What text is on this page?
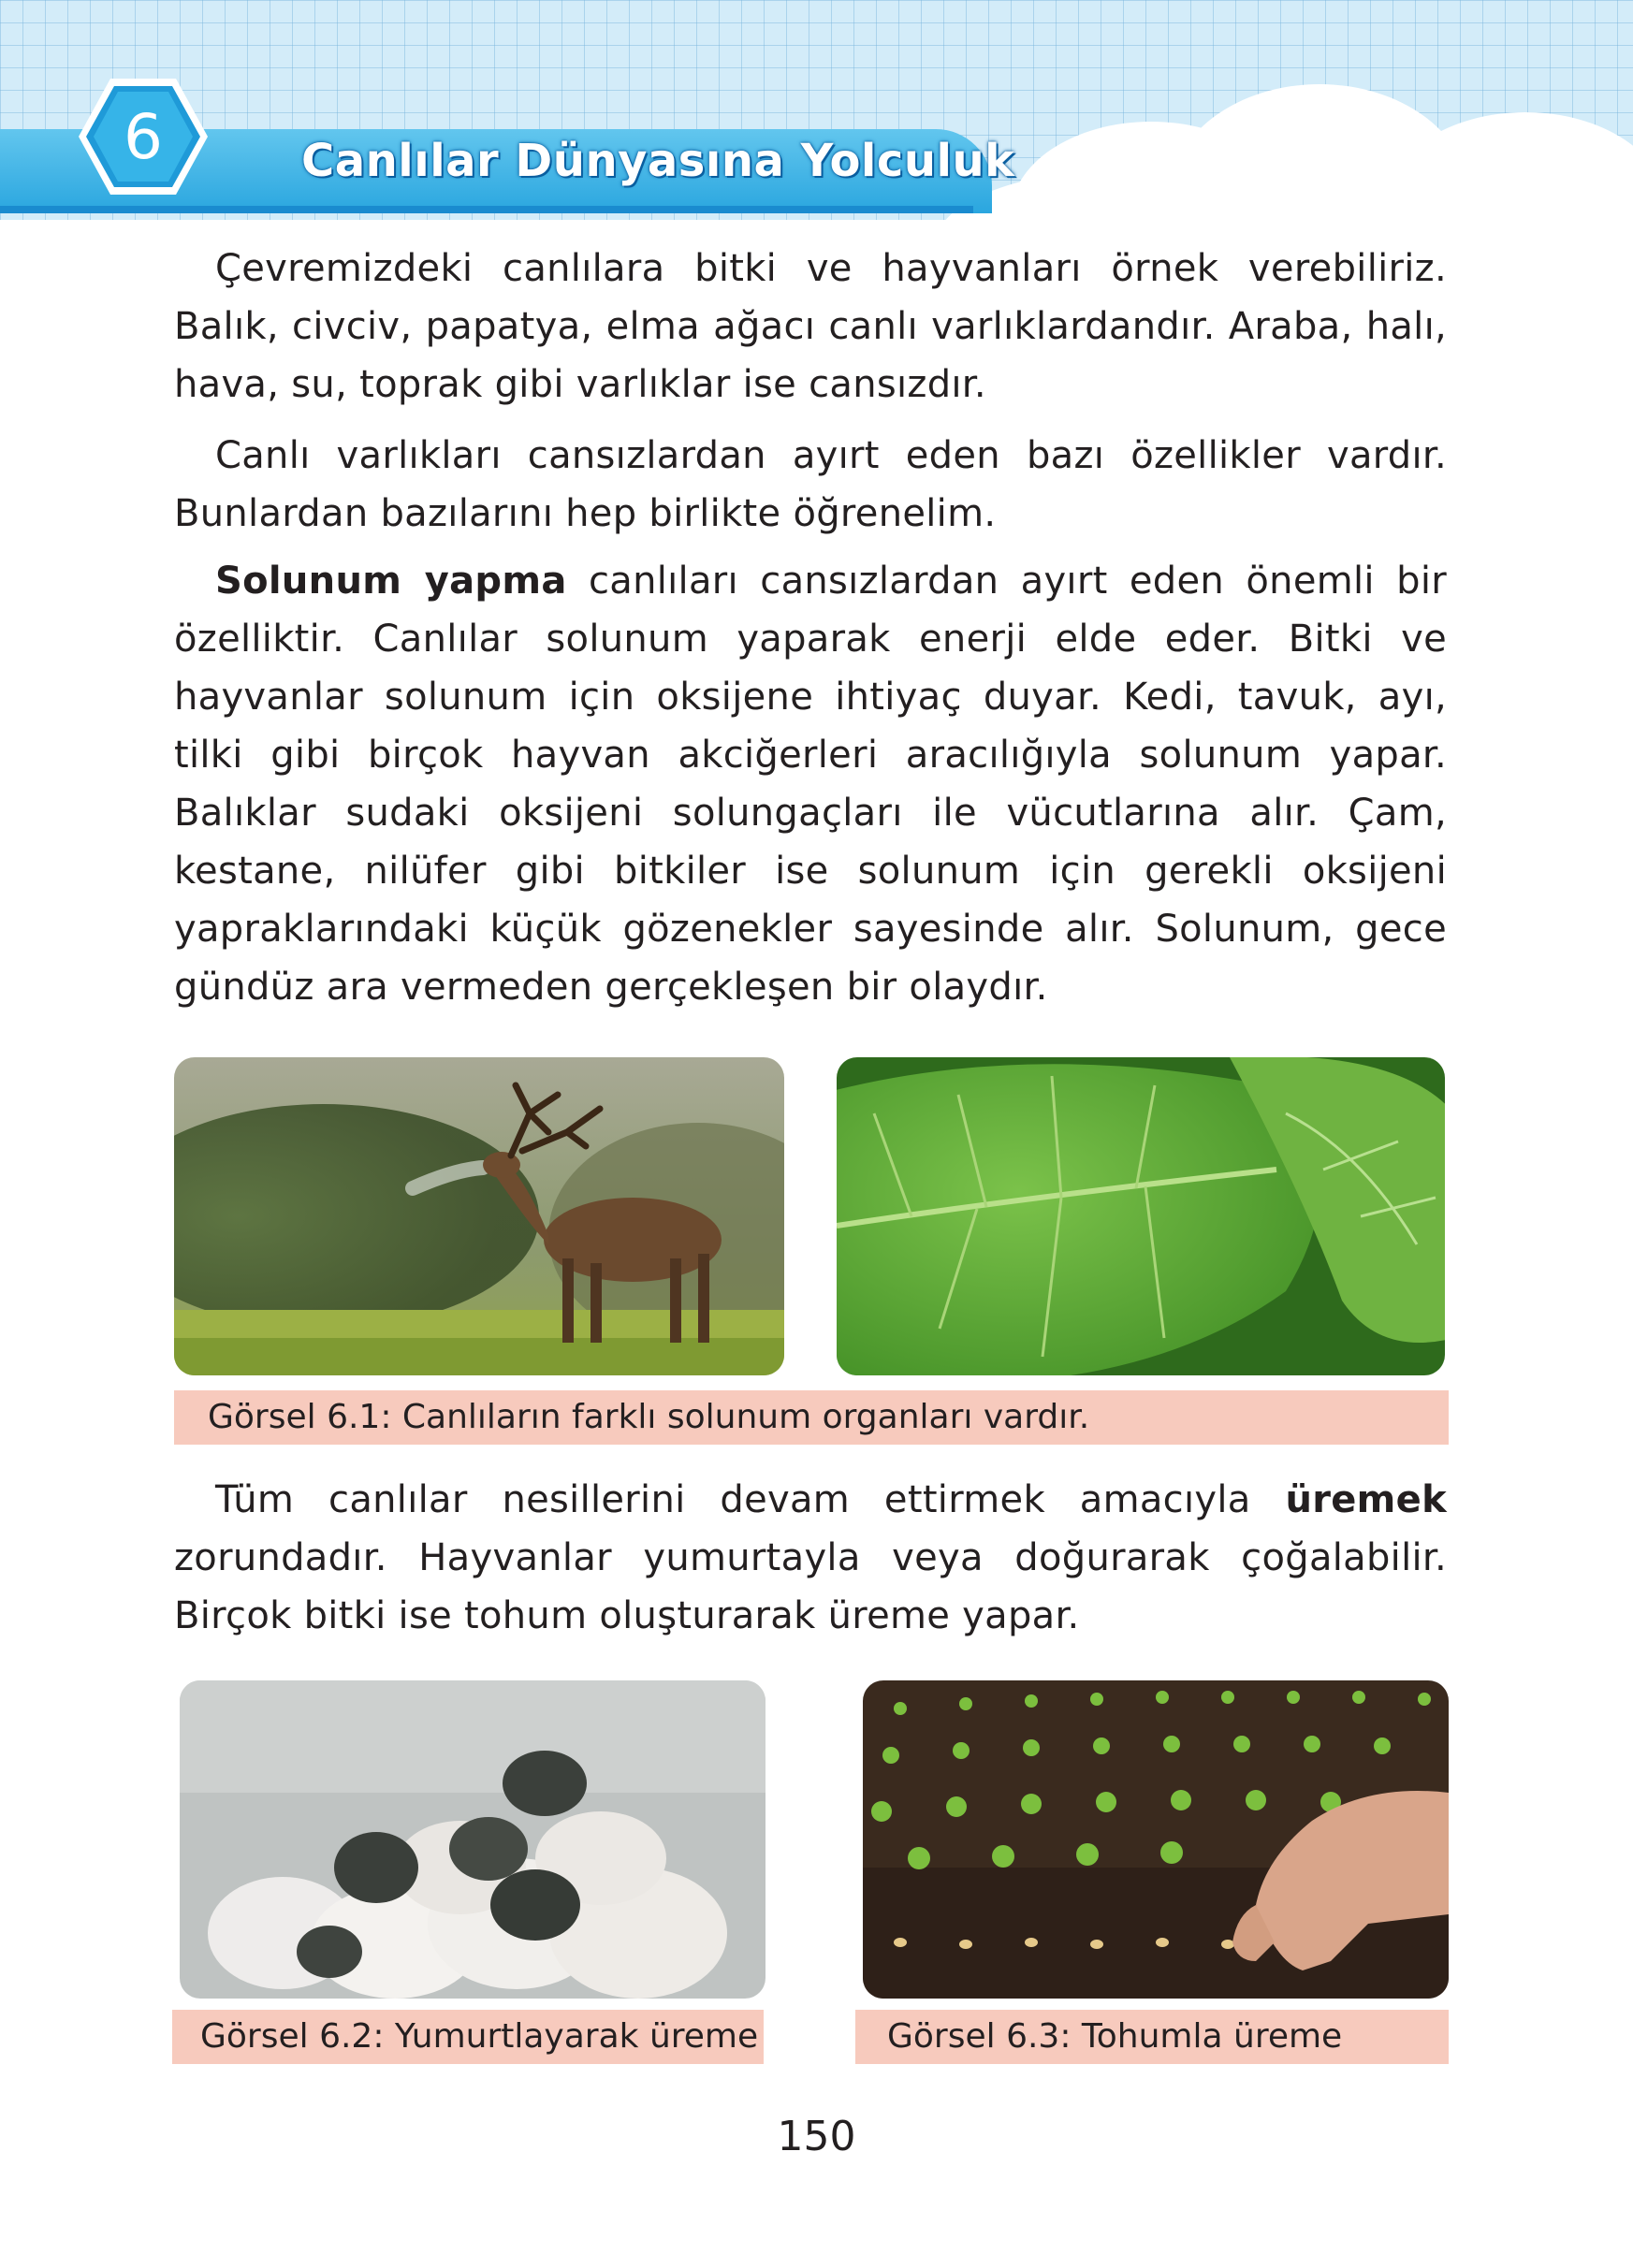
6	Canlılar Dünyasına Yolculuk

Çevremizdeki canlılara bitki ve hayvanları örnek verebiliriz. Balık, civciv, papatya, elma ağacı canlı varlıklardandır. Araba, halı, hava, su, toprak gibi varlıklar ise cansızdır.

Canlı varlıkları cansızlardan ayırt eden bazı özellikler vardır. Bunlardan bazılarını hep birlikte öğrenelim.

Solunum yapma canlıları cansızlardan ayırt eden önemli bir özelliktir. Canlılar solunum yaparak enerji elde eder. Bitki ve hayvanlar solunum için oksijene ihtiyaç duyar. Kedi, tavuk, ayı, tilki gibi birçok hayvan akciğerleri aracılığıyla solunum yapar. Balıklar sudaki oksijeni solungaçları ile vücutlarına alır. Çam, kestane, nilüfer gibi bitkiler ise solunum için gerekli oksijeni yapraklarındaki küçük gözenekler sayesinde alır. Solunum, gece gündüz ara vermeden gerçekleşen bir olaydır.

Görsel 6.1: Canlıların farklı solunum organları vardır.

Tüm canlılar nesillerini devam ettirmek amacıyla üremek zorundadır. Hayvanlar yumurtayla veya doğurarak çoğalabilir. Birçok bitki ise tohum oluşturarak üreme yapar.

Görsel 6.2: Yumurtlayarak üreme	Görsel 6.3: Tohumla üreme
150
